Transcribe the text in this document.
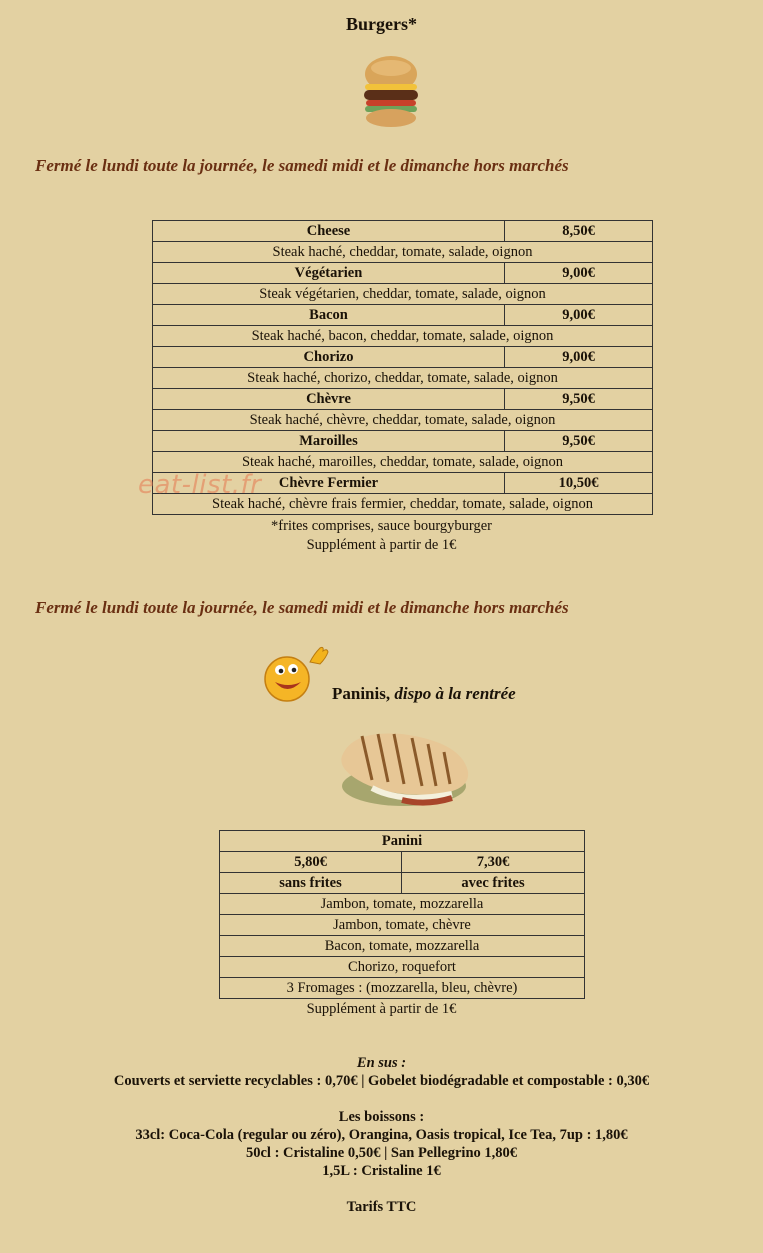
Burgers*
Fermé le lundi toute la journée, le samedi midi et le dimanche hors marchés
Cheese	8,50€
Steak haché, cheddar, tomate, salade, oignon	
Végétarien	9,00€
Steak végétarien, cheddar, tomate, salade, oignon	
Bacon	9,00€
Steak haché, bacon, cheddar, tomate, salade, oignon	
Chorizo	9,00€
Steak haché, chorizo, cheddar, tomate, salade, oignon	
Chèvre	9,50€
Steak haché, chèvre, cheddar, tomate, salade, oignon	
Maroilles	9,50€
Steak haché, maroilles, cheddar, tomate, salade, oignon	
Chèvre Fermier	10,50€
Steak haché, chèvre frais fermier, cheddar, tomate, salade, oignon	
eat-list.fr
*frites comprises, sauce bourgyburger
Supplément à partir de 1€
Fermé le lundi toute la journée, le samedi midi et le dimanche hors marchés
Paninis, dispo à la rentrée
Panini	
5,80€	7,30€
sans frites	avec frites
Jambon, tomate, mozzarella	
Jambon, tomate, chèvre	
Bacon, tomate, mozzarella	
Chorizo, roquefort	
3 Fromages : (mozzarella, bleu, chèvre)	
Supplément à partir de 1€
En sus :
Couverts et serviette recyclables : 0,70€ | Gobelet biodégradable et compostable : 0,30€
Les boissons :
33cl: Coca-Cola (regular ou zéro), Orangina, Oasis tropical, Ice Tea, 7up : 1,80€
50cl : Cristaline 0,50€ | San Pellegrino 1,80€
1,5L : Cristaline 1€
Tarifs TTC
